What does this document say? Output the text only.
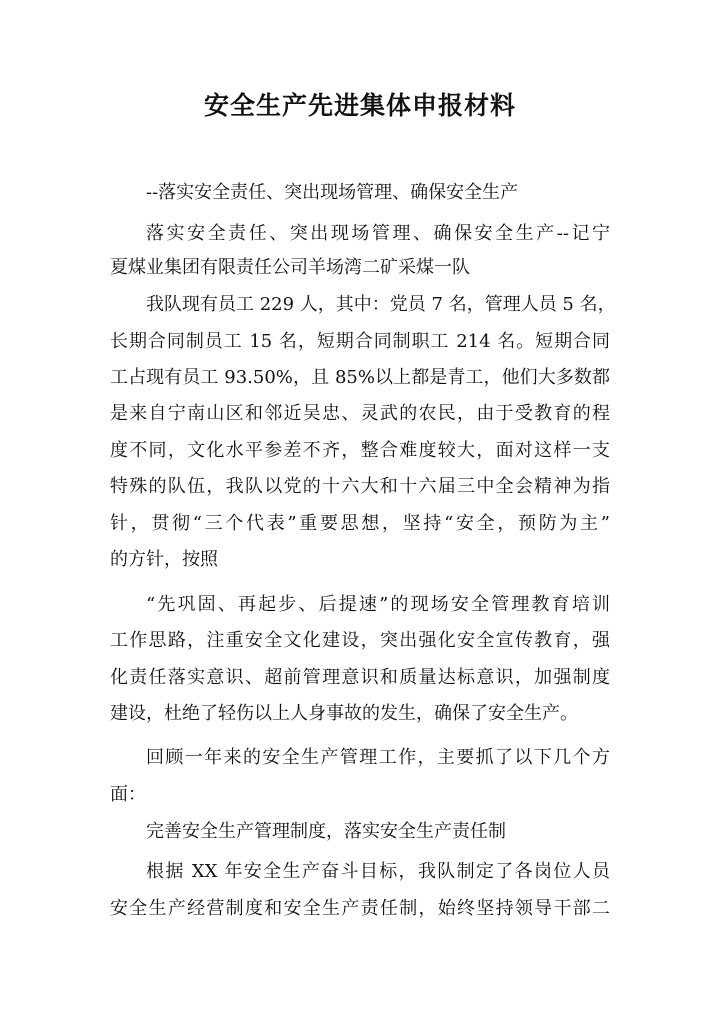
安全生产先进集体申报材料
--落实安全责任、突出现场管理、确保安全生产
落实安全责任、突出现场管理、确保安全生产--记宁
夏煤业集团有限责任公司羊场湾二矿采煤一队
我队现有员工 229 人，其中：党员 7 名，管理人员 5 名，
长期合同制员工 15 名，短期合同制职工 214 名。短期合同
工占现有员工 93.50%，且 85%以上都是青工，他们大多数都
是来自宁南山区和邻近吴忠、灵武的农民，由于受教育的程
度不同，文化水平参差不齐，整合难度较大，面对这样一支
特殊的队伍，我队以党的十六大和十六届三中全会精神为指
针，贯彻“三个代表”重要思想，坚持“安全，预防为主”
的方针，按照
“先巩固、再起步、后提速”的现场安全管理教育培训
工作思路，注重安全文化建设，突出强化安全宣传教育，强
化责任落实意识、超前管理意识和质量达标意识，加强制度
建设，杜绝了轻伤以上人身事故的发生，确保了安全生产。
回顾一年来的安全生产管理工作，主要抓了以下几个方
面：
完善安全生产管理制度，落实安全生产责任制
根据 XX 年安全生产奋斗目标，我队制定了各岗位人员
安全生产经营制度和安全生产责任制，始终坚持领导干部二
